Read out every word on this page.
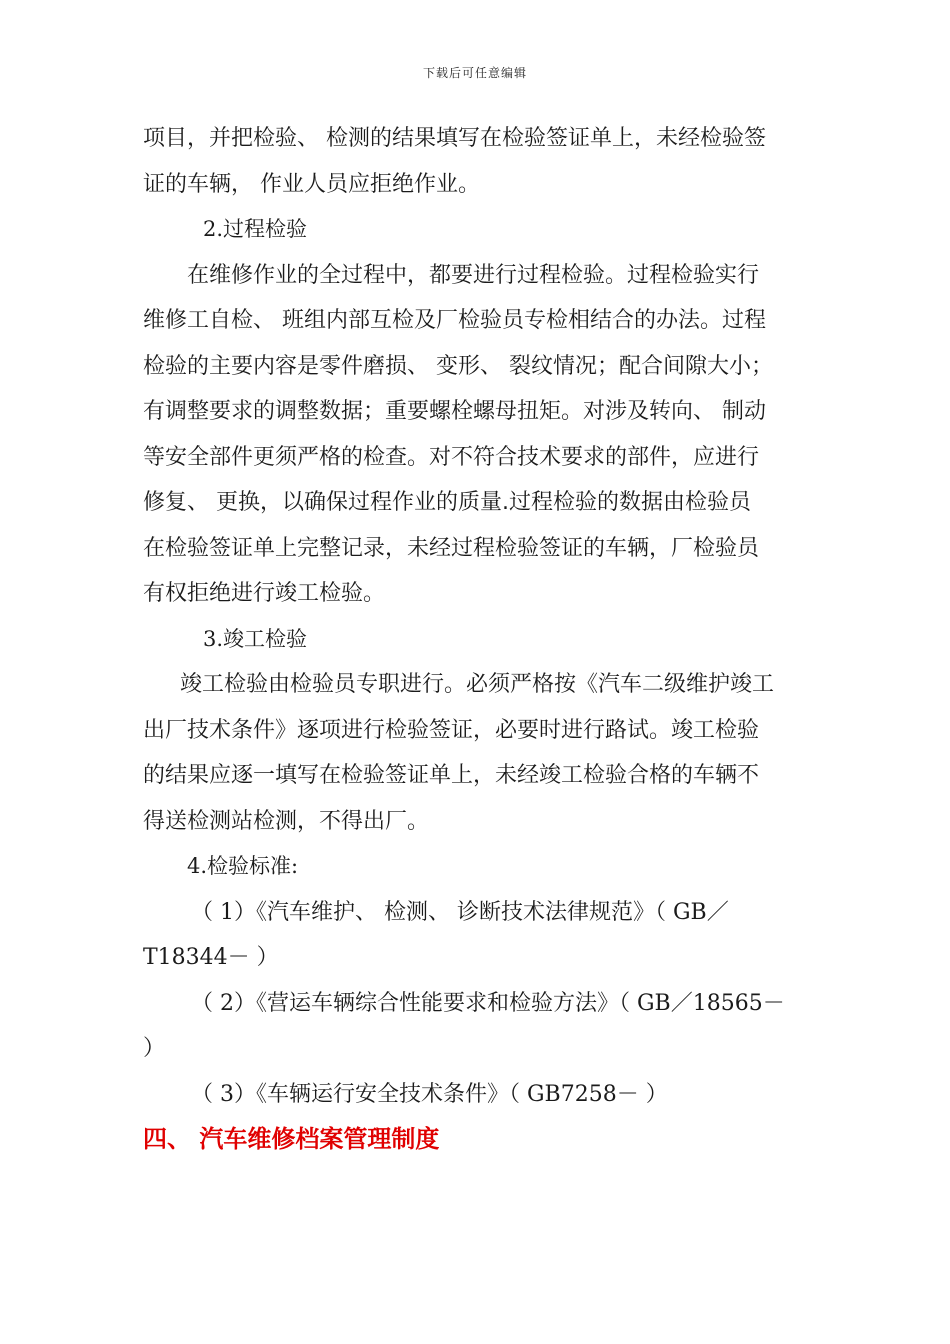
下载后可任意编辑

项目，并把检验、 检测的结果填写在检验签证单上，未经检验签
证的车辆， 作业人员应拒绝作业。

2.过程检验

在维修作业的全过程中，都要进行过程检验。过程检验实行
维修工自检、 班组内部互检及厂检验员专检相结合的办法。过程
检验的主要内容是零件磨损、 变形、 裂纹情况；配合间隙大小；
有调整要求的调整数据；重要螺栓螺母扭矩。对涉及转向、 制动
等安全部件更须严格的检查。对不符合技术要求的部件，应进行
修复、 更换，以确保过程作业的质量.过程检验的数据由检验员
在检验签证单上完整记录，未经过程检验签证的车辆，厂检验员
有权拒绝进行竣工检验。

3.竣工检验

竣工检验由检验员专职进行。必须严格按《汽车二级维护竣工
出厂技术条件》逐项进行检验签证，必要时进行路试。竣工检验
的结果应逐一填写在检验签证单上，未经竣工检验合格的车辆不
得送检测站检测，不得出厂。

4.检验标准:

（ 1）《汽车维护、 检测、 诊断技术法律规范》（ GB／
T18344－ ）

（ 2）《营运车辆综合性能要求和检验方法》（ GB／18565－
）

（ 3）《车辆运行安全技术条件》（ GB7258－ ）

四、 汽车维修档案管理制度
